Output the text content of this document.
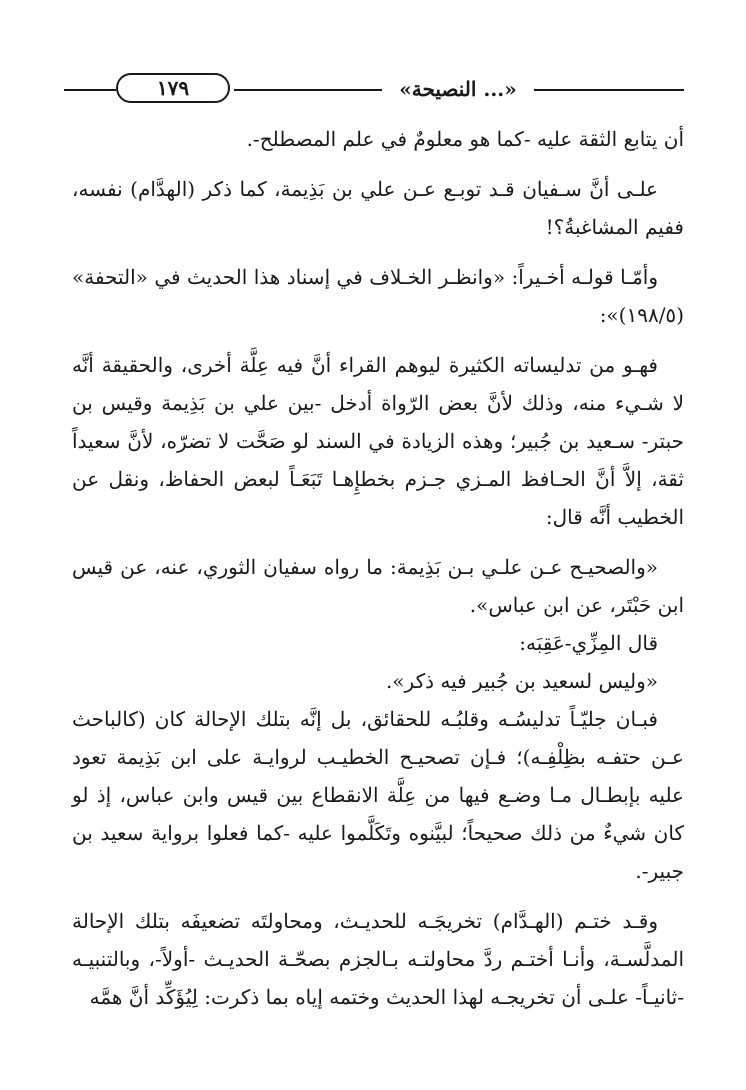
١٧٩	«النصيحة ...»

أن يتابع الثقة عليه -كما هو معلومٌ في علم المصطلح-.

علـى أنَّ سـفيان قـد توبـع عـن علي بن بَذِيمة، كما ذكر (الهدَّام) نفسه، ففيم المشاغبةُ؟!

وأمّـا قولـه أخـيراً: «وانظـر الخـلاف في إسناد هذا الحديث في «التحفة» (١٩٨/٥)»:

فهـو من تدليساته الكثيرة ليوهم القراء أنَّ فيه عِلَّة أخرى، والحقيقة أنَّه لا شـيء منه، وذلك لأنَّ بعض الرّواة أدخل -بين علي بن بَذِيمة وقيس بن حبتر- سـعيد بن جُبير؛ وهذه الزيادة في السند لو صَحَّت لا تضرّه، لأنَّ سعيداً ثقة، إلاَّ أنَّ الحـافظ المـزي جـزم بخطإِهـا تَبَعَـاً لبعض الحفاظ، ونقل عن الخطيب أنَّه قال:

«والصحيـح عـن علـي بـن بَذِيمة: ما رواه سفيان الثوري، عنه، عن قيس ابن حَبْتَر، عن ابن عباس».

قال المِزِّي-عَقِبَه:

«وليس لسعيد بن جُبير فيه ذكر».

فبـان جليّـاً تدليسُـه وقلبُـه للحقائق، بل إنَّه بتلك الإحالة كان (كالباحث عـن حتفـه بظِلْفِـه)؛ فـإن تصحيـح الخطيـب لروايـة على ابن بَذِيمة تعود عليه بإبطـال مـا وضـع فيها من عِلَّة الانقطاع بين قيس وابن عباس، إذ لو كان شيءٌ من ذلك صحيحاً؛ لبيَّنوه وتَكَلَّموا عليه -كما فعلوا برواية سعيد بن جبير-.

وقـد ختـم (الهـدَّام) تخريجَـه للحديـث، ومحاولتَه تضعيفَه بتلك الإحالة المدلَّسـة، وأنـا أختـم ردَّ محاولتـه بـالجزم بصحّـة الحديـث -أولاً-، وبالتنبيـه -ثانيـاً- علـى أن تخريجـه لهذا الحديث وختمه إياه بما ذكرت: لِيُؤَكِّد أنَّ همَّه
